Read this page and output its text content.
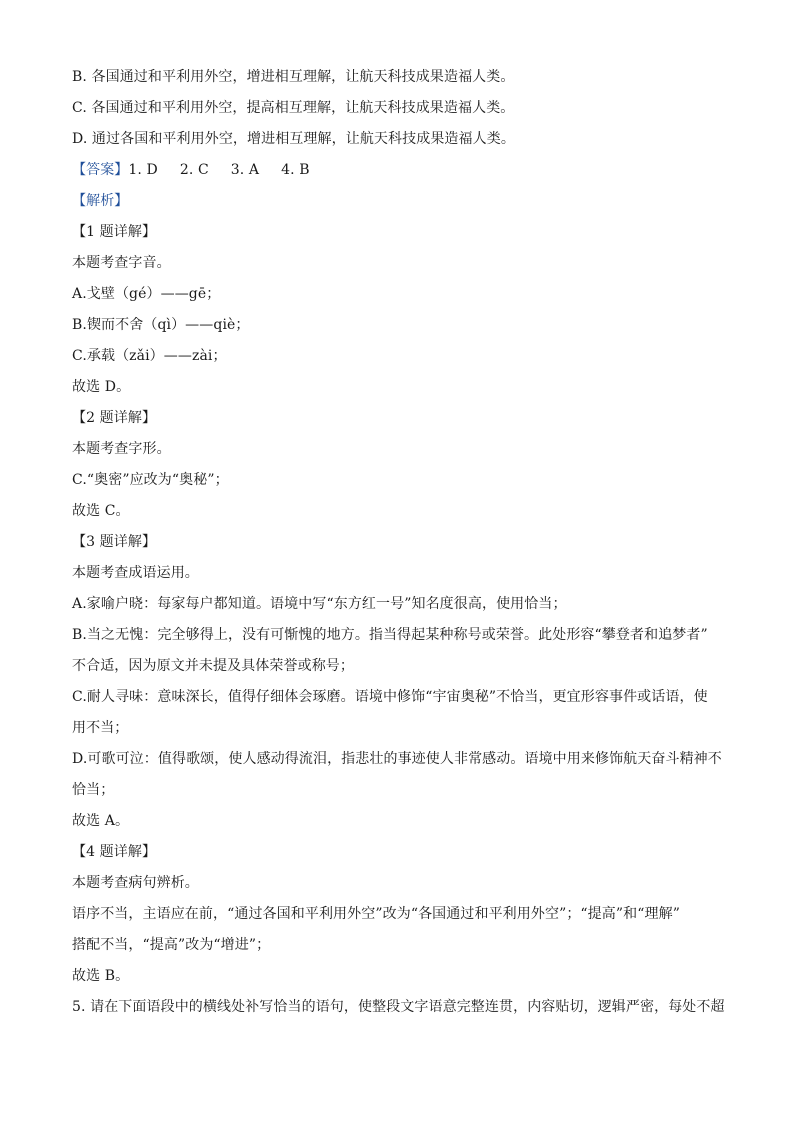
B. 各国通过和平利用外空，增进相互理解，让航天科技成果造福人类。
C. 各国通过和平利用外空，提高相互理解，让航天科技成果造福人类。
D. 通过各国和平利用外空，增进相互理解，让航天科技成果造福人类。
【答案】1. D 2. C 3. A 4. B
【解析】
【1 题详解】
本题考查字音。
A.戈壁（gé）——gē；
B.锲而不舍（qì）——qiè；
C.承载（zǎi）——zài；
故选 D。
【2 题详解】
本题考查字形。
C.“奥密”应改为“奥秘”；
故选 C。
【3 题详解】
本题考查成语运用。
A.家喻户晓：每家每户都知道。语境中写“东方红一号”知名度很高，使用恰当；
B.当之无愧：完全够得上，没有可惭愧的地方。指当得起某种称号或荣誉。此处形容“攀登者和追梦者”
不合适，因为原文并未提及具体荣誉或称号；
C.耐人寻味：意味深长，值得仔细体会琢磨。语境中修饰“宇宙奥秘”不恰当，更宜形容事件或话语，使
用不当；
D.可歌可泣：值得歌颂，使人感动得流泪，指悲壮的事迹使人非常感动。语境中用来修饰航天奋斗精神不
恰当；
故选 A。
【4 题详解】
本题考查病句辨析。
语序不当，主语应在前，“通过各国和平利用外空”改为“各国通过和平利用外空”；“提高”和“理解”
搭配不当，“提高”改为“增进”；
故选 B。
5. 请在下面语段中的横线处补写恰当的语句，使整段文字语意完整连贯，内容贴切，逻辑严密，每处不超
